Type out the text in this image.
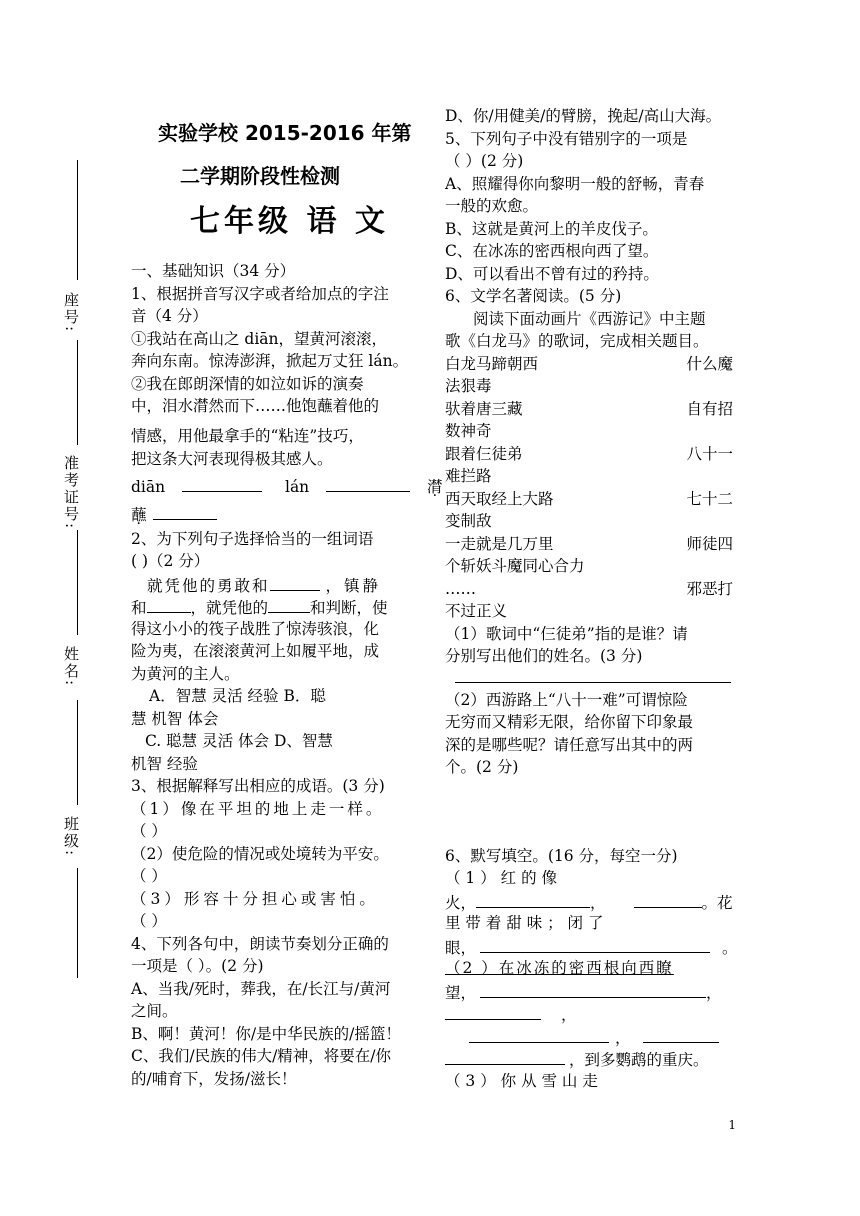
座号:
准考证号:
姓名:
班级:
实验学校 2015-2016 年第
二学期阶段性检测
七年级 语 文
一、基础知识（34 分）
1、根据拼音写汉字或者给加点的字注
音（4 分）
①我站在高山之 diān，望黄河滚滚，
奔向东南。惊涛澎湃，掀起万丈狂 lán。
②我在郎朗深情的如泣如诉的演奏
中，泪水潸然而下……他饱蘸着他的
情感，用他最拿手的“粘连”技巧，
把这条大河表现得极其感人。
diān	lán	潸
蘸
2、为下列句子选择恰当的一组词语
( )（2 分）
就凭他的勇敢和	，镇静
和	，就凭他的	和判断，使
得这小小的筏子战胜了惊涛骇浪，化
险为夷，在滚滚黄河上如履平地，成
为黄河的主人。
A．智慧 灵活 经验 B．聪
慧 机智 体会
C. 聪慧 灵活 体会 D、智慧
机智 经验
3、根据解释写出相应的成语。(3 分)
（1）像在平坦的地上走一样。
（ ）
（2）使危险的情况或处境转为平安。
（ ）
（3）形容十分担心或害怕。
（ ）
4、下列各句中，朗读节奏划分正确的
一项是（ ）。(2 分)
A、当我/死时，葬我，在/长江与/黄河
之间。
B、啊！黄河！你/是中华民族的/摇篮！
C、我们/民族的伟大/精神，将要在/你
的/哺育下，发扬/滋长！
D、你/用健美/的臂膀，挽起/高山大海。
5、下列句子中没有错别字的一项是
（ ）(2 分)
A、照耀得你向黎明一般的舒畅，青春
一般的欢愈。
B、这就是黄河上的羊皮伐子。
C、在冰冻的密西根向西了望。
D、可以看出不曾有过的矜持。
6、文学名著阅读。(5 分)
阅读下面动画片《西游记》中主题
歌《白龙马》的歌词，完成相关题目。
白龙马蹄朝西	什么魔
法狠毒
驮着唐三藏	自有招
数神奇
跟着仨徒弟	八十一
难拦路
西天取经上大路	七十二
变制敌
一走就是几万里	师徒四
个斩妖斗魔同心合力
……	邪恶打
不过正义
（1）歌词中“仨徒弟”指的是谁？请
分别写出他们的姓名。(3 分)
（2）西游路上“八十一难”可谓惊险
无穷而又精彩无限，给你留下印象最
深的是哪些呢？请任意写出其中的两
个。(2 分)
6、默写填空。(16 分，每空一分)
（ 1 ） 红 的 像
火，	，	。花
里 带 着 甜 味 ； 闭 了
眼，	。
（2 ）在冰冻的密西根向西瞭
望，	，
，
，
，到多鹦鹉的重庆。
（ 3 ） 你 从 雪 山 走
1
